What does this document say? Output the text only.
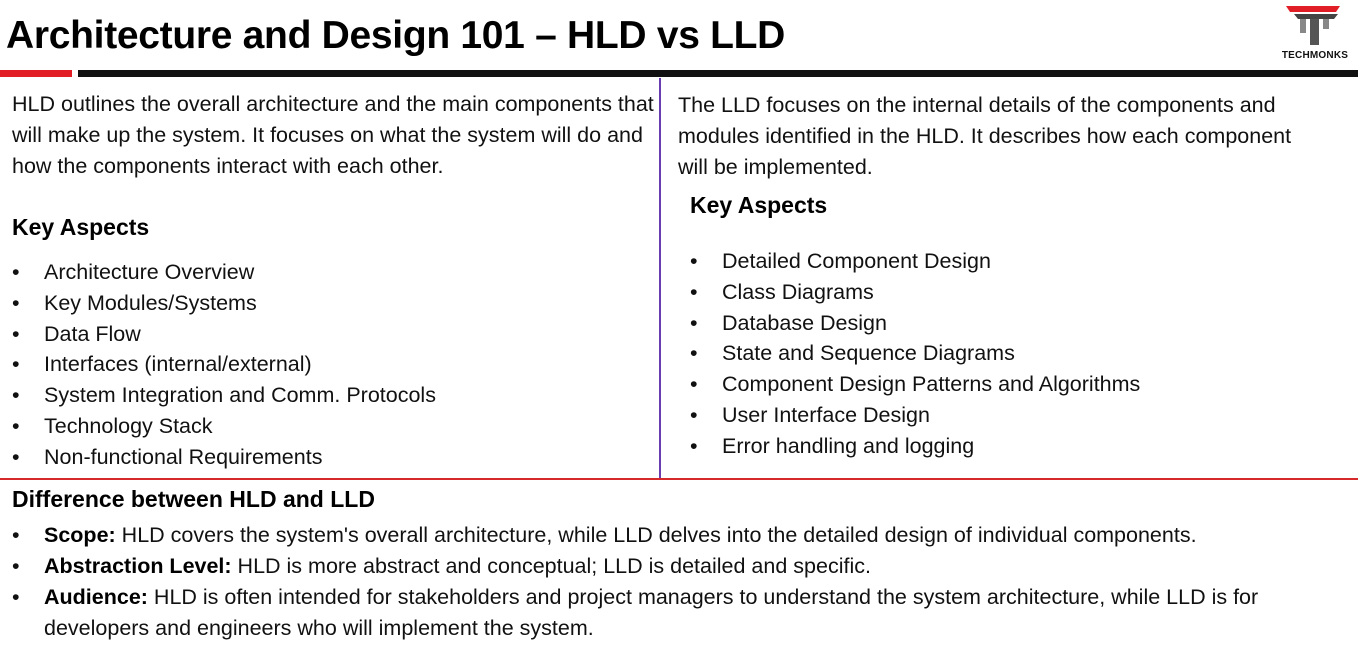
Architecture and Design 101 – HLD vs LLD	TECHMONKS
HLD outlines the overall architecture and the main components that will make up the system. It focuses on what the system will do and how the components interact with each other.
Key Aspects
• Architecture Overview
• Key Modules/Systems
• Data Flow
• Interfaces (internal/external)
• System Integration and Comm. Protocols
• Technology Stack
• Non-functional Requirements
The LLD focuses on the internal details of the components and modules identified in the HLD. It describes how each component will be implemented.
Key Aspects
• Detailed Component Design
• Class Diagrams
• Database Design
• State and Sequence Diagrams
• Component Design Patterns and Algorithms
• User Interface Design
• Error handling and logging
Difference between HLD and LLD
• Scope: HLD covers the system's overall architecture, while LLD delves into the detailed design of individual components.
• Abstraction Level: HLD is more abstract and conceptual; LLD is detailed and specific.
• Audience: HLD is often intended for stakeholders and project managers to understand the system architecture, while LLD is for developers and engineers who will implement the system.
